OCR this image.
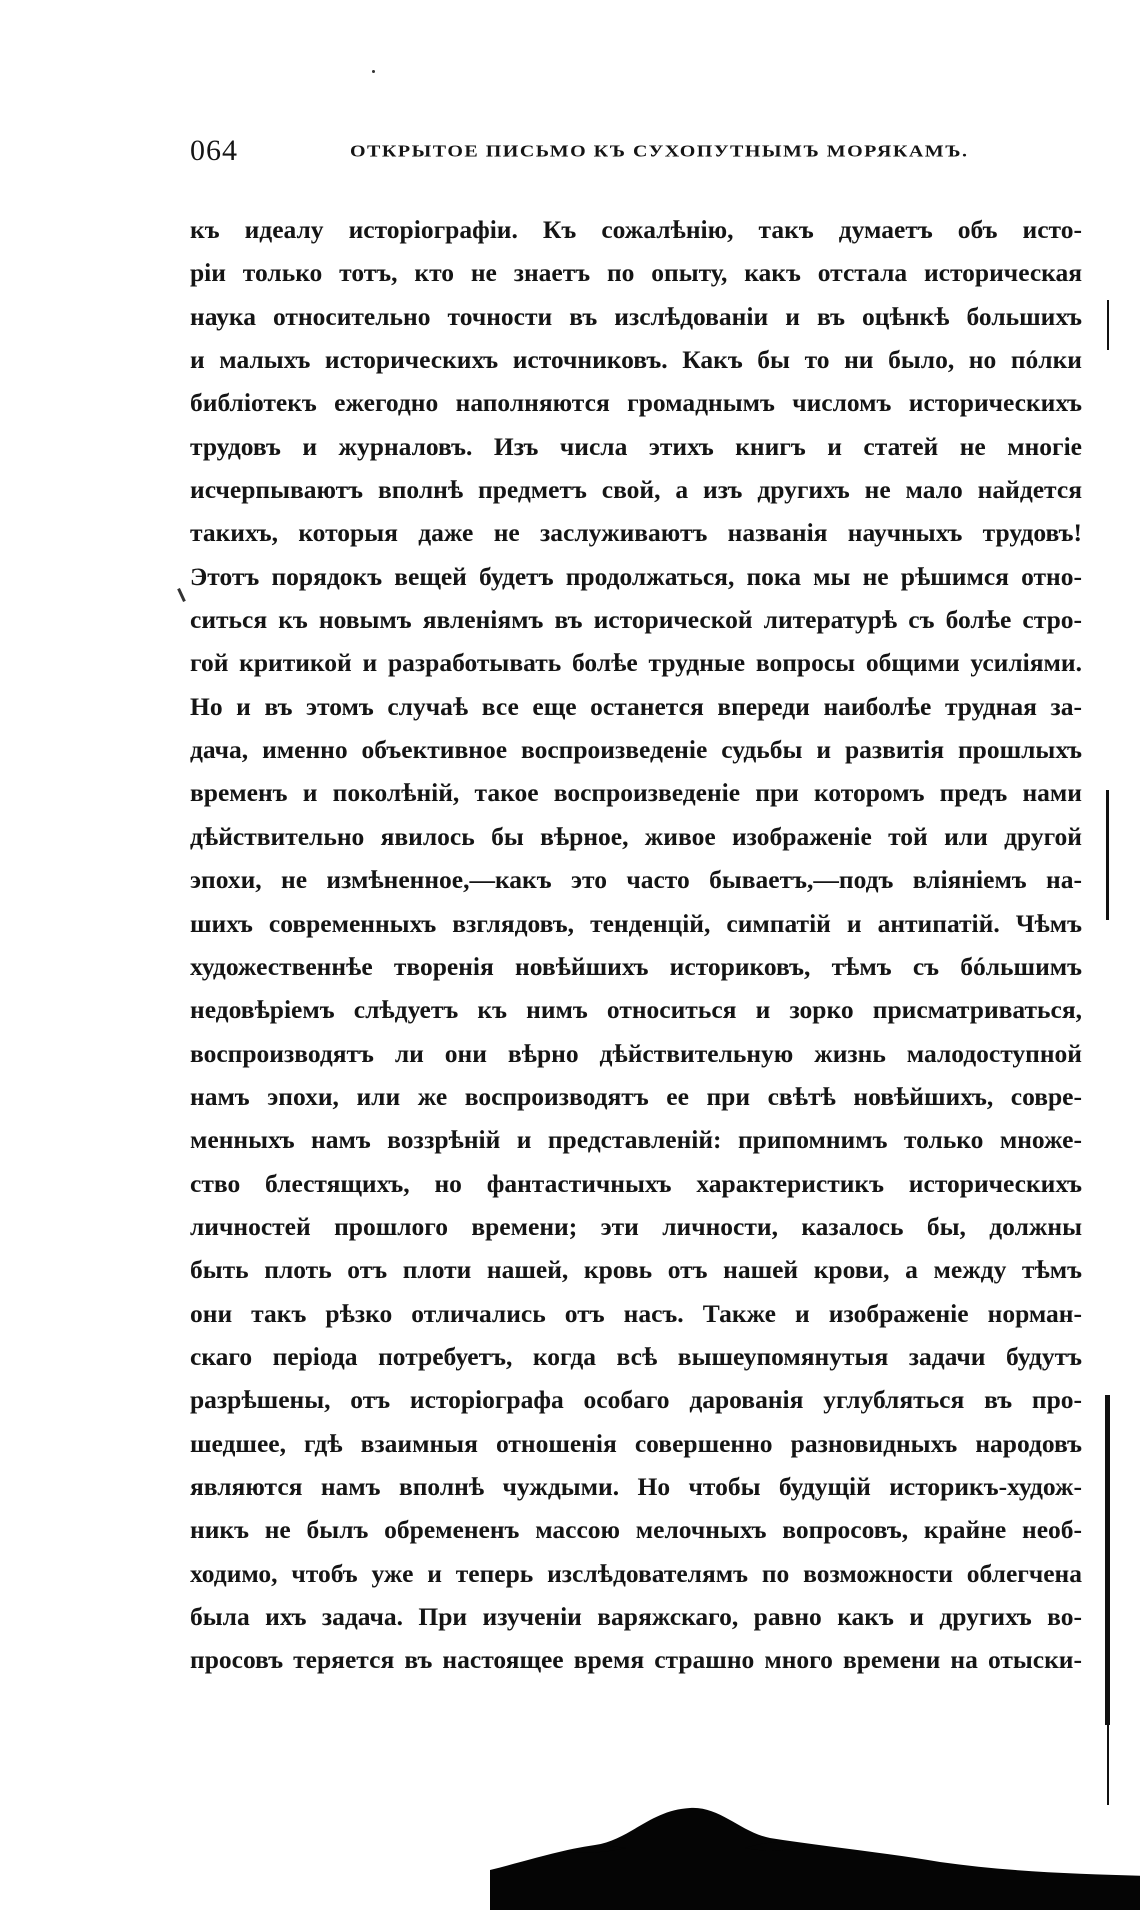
064	ОТКРЫТОЕ ПИСЬМО КЪ СУХОПУТНЫМЪ МОРЯКАМЪ.
къ идеалу исторіографіи. Къ сожалѣнію, такъ думаетъ объ исто-
ріи только тотъ, кто не знаетъ по опыту, какъ отстала историческая
наука относительно точности въ изслѣдованіи и въ оцѣнкѣ большихъ
и малыхъ историческихъ источниковъ. Какъ бы то ни было, но пóлки
библіотекъ ежегодно наполняются громаднымъ числомъ историческихъ
трудовъ и журналовъ. Изъ числа этихъ книгъ и статей не многіе
исчерпываютъ вполнѣ предметъ свой, а изъ другихъ не мало найдется
такихъ, которыя даже не заслуживаютъ названія научныхъ трудовъ!
Этотъ порядокъ вещей будетъ продолжаться, пока мы не рѣшимся отно-
ситься къ новымъ явленіямъ въ исторической литературѣ съ болѣе стро-
гой критикой и разработывать болѣе трудные вопросы общими усиліями.
Но и въ этомъ случаѣ все еще останется впереди наиболѣе трудная за-
дача, именно объективное воспроизведеніе судьбы и развитія прошлыхъ
временъ и поколѣній, такое воспроизведеніе при которомъ предъ нами
дѣйствительно явилось бы вѣрное, живое изображеніе той или другой
эпохи, не измѣненное,—какъ это часто бываетъ,—подъ вліяніемъ на-
шихъ современныхъ взглядовъ, тенденцій, симпатій и антипатій. Чѣмъ
художественнѣе творенія новѣйшихъ историковъ, тѣмъ съ бóльшимъ
недовѣріемъ слѣдуетъ къ нимъ относиться и зорко присматриваться,
воспроизводятъ ли они вѣрно дѣйствительную жизнь малодоступной
намъ эпохи, или же воспроизводятъ ее при свѣтѣ новѣйшихъ, совре-
менныхъ намъ воззрѣній и представленій: припомнимъ только множе-
ство блестящихъ, но фантастичныхъ характеристикъ историческихъ
личностей прошлого времени; эти личности, казалось бы, должны
быть плоть отъ плоти нашей, кровь отъ нашей крови, а между тѣмъ
они такъ рѣзко отличались отъ насъ. Также и изображеніе норман-
скаго періода потребуетъ, когда всѣ вышеупомянутыя задачи будутъ
разрѣшены, отъ исторіографа особаго дарованія углубляться въ про-
шедшее, гдѣ взаимныя отношенія совершенно разновидныхъ народовъ
являются намъ вполнѣ чуждыми. Но чтобы будущій историкъ-худож-
никъ не былъ обремененъ массою мелочныхъ вопросовъ, крайне необ-
ходимо, чтобъ уже и теперь изслѣдователямъ по возможности облегчена
была ихъ задача. При изученіи варяжскаго, равно какъ и другихъ во-
просовъ теряется въ настоящее время страшно много времени на отыски-
